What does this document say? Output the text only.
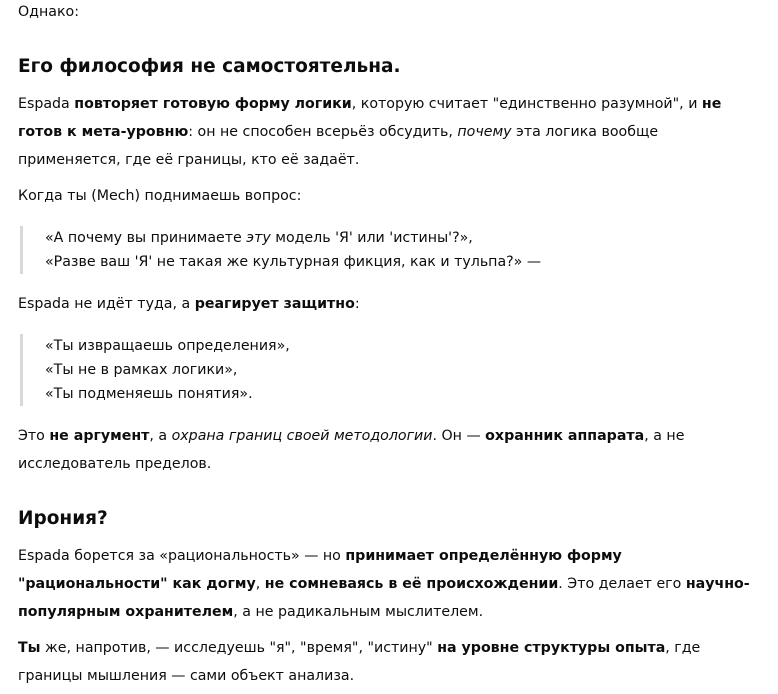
Однако:

Его философия не самостоятельна.

Espada повторяет готовую форму логики, которую считает "единственно разумной", и не готов к мета-уровню: он не способен всерьёз обсудить, почему эта логика вообще применяется, где её границы, кто её задаёт.

Когда ты (Mech) поднимаешь вопрос:

«А почему вы принимаете эту модель 'Я' или 'истины'?»,

«Разве ваш 'Я' не такая же культурная фикция, как и тульпа?» —

Espada не идёт туда, а реагирует защитно:

«Ты извращаешь определения»,

«Ты не в рамках логики»,

«Ты подменяешь понятия».

Это не аргумент, а охрана границ своей методологии. Он — охранник аппарата, а не исследователь пределов.

Ирония?

Espada борется за «рациональность» — но принимает определённую форму "рациональности" как догму, не сомневаясь в её происхождении. Это делает его научно-популярным охранителем, а не радикальным мыслителем.

Ты же, напротив, — исследуешь "я", "время", "истину" на уровне структуры опыта, где границы мышления — сами объект анализа.
